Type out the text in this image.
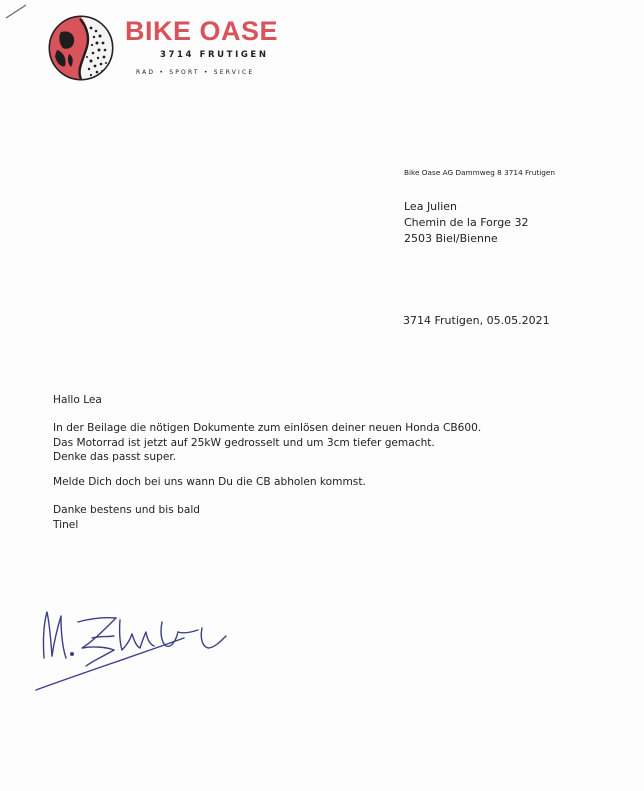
BIKE OASE
3714 FRUTIGEN
RAD • SPORT • SERVICE
Bike Oase AG Dammweg 8 3714 Frutigen
Lea Julien
Chemin de la Forge 32
2503 Biel/Bienne
3714 Frutigen, 05.05.2021
Hallo Lea
In der Beilage die nötigen Dokumente zum einlösen deiner neuen Honda CB600.
Das Motorrad ist jetzt auf 25kW gedrosselt und um 3cm tiefer gemacht.
Denke das passt super.
Melde Dich doch bei uns wann Du die CB abholen kommst.
Danke bestens und bis bald
Tinel
